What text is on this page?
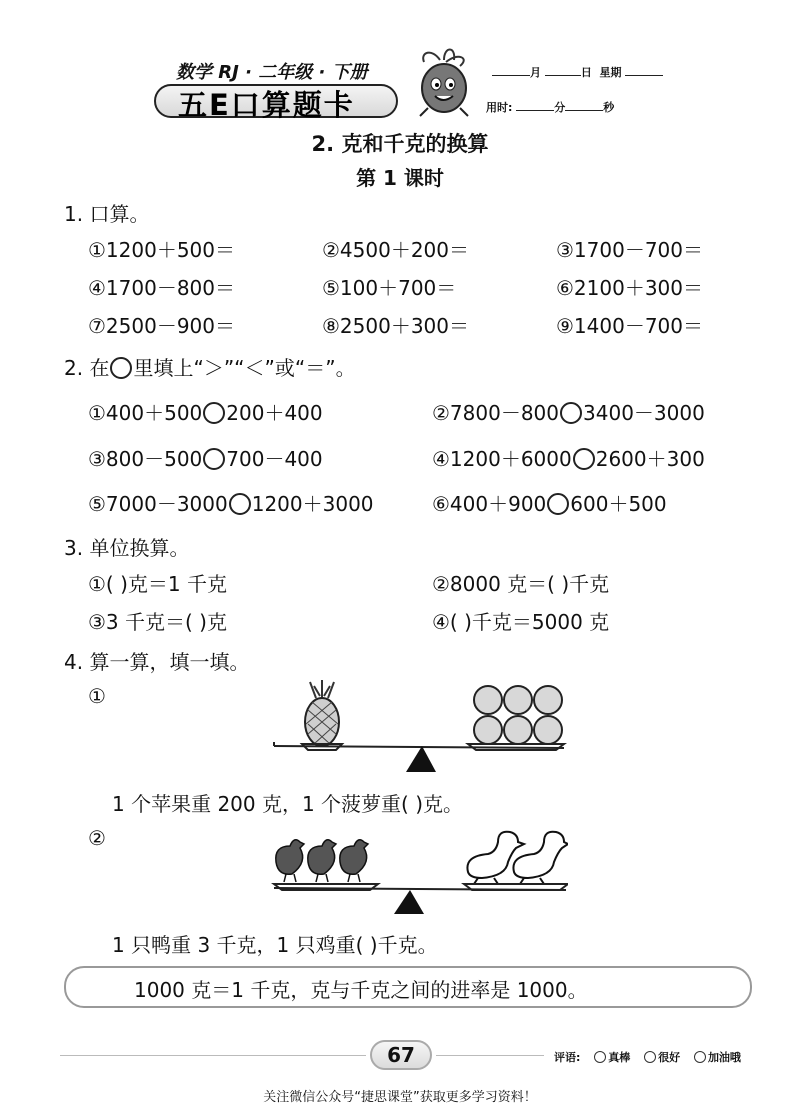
数学 RJ · 二年级 · 下册
五E口算题卡
月	日 星期
用时:	分	秒
2. 克和千克的换算
第 1 课时
1. 口算。
①1200＋500＝	②4500＋200＝	③1700－700＝
④1700－800＝	⑤100＋700＝	⑥2100＋300＝
⑦2500－900＝	⑧2500＋300＝	⑨1400－700＝
2. 在 里填上“＞”“＜”或“＝”。
①400＋500 200＋400	②7800－800 3400－3000
③800－500 700－400	④1200＋6000 2600＋300
⑤7000－3000 1200＋3000	⑥400＋900 600＋500
3. 单位换算。
①( )克＝1 千克	②8000 克＝( )千克
③3 千克＝( )克	④( )千克＝5000 克
4. 算一算，填一填。
①
1 个苹果重 200 克，1 个菠萝重( )克。
②
1 只鸭重 3 千克，1 只鸡重( )千克。
1000 克＝1 千克，克与千克之间的进率是 1000。
67	评语:	真棒	很好	加油哦
关注微信公众号“捷思课堂”获取更多学习资料！
